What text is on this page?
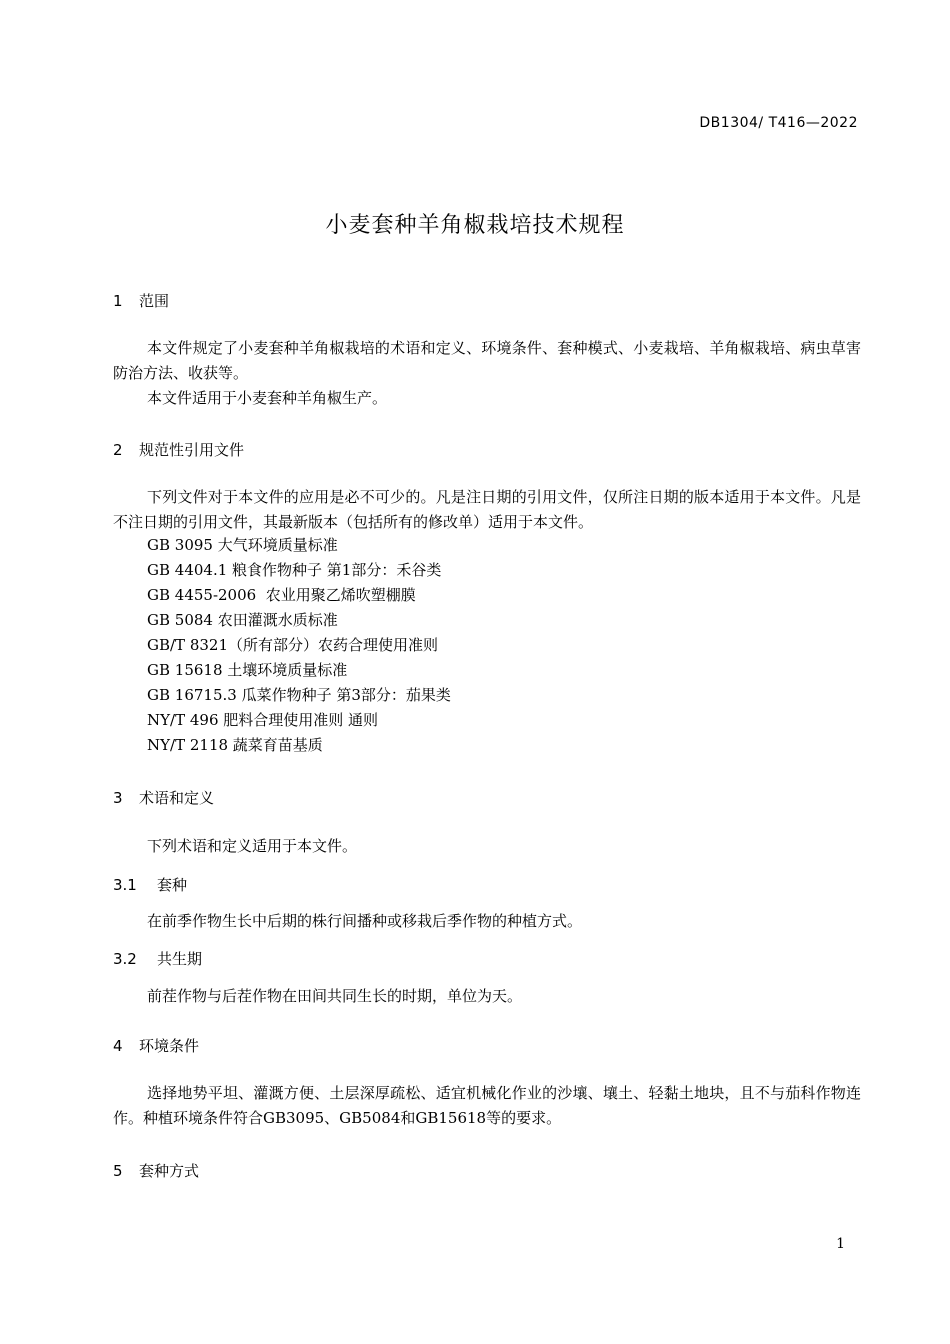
DB1304/ T416—2022
小麦套种羊角椒栽培技术规程
1 范围
本文件规定了小麦套种羊角椒栽培的术语和定义、环境条件、套种模式、小麦栽培、羊角椒栽培、病虫草害防治方法、收获等。
本文件适用于小麦套种羊角椒生产。
2 规范性引用文件
下列文件对于本文件的应用是必不可少的。凡是注日期的引用文件，仅所注日期的版本适用于本文件。凡是不注日期的引用文件，其最新版本（包括所有的修改单）适用于本文件。
GB 3095 大气环境质量标准
GB 4404.1 粮食作物种子 第1部分：禾谷类
GB 4455-2006  农业用聚乙烯吹塑棚膜
GB 5084 农田灌溉水质标准
GB/T 8321（所有部分）农药合理使用准则
GB 15618 土壤环境质量标准
GB 16715.3 瓜菜作物种子 第3部分：茄果类
NY/T 496 肥料合理使用准则 通则
NY/T 2118 蔬菜育苗基质
3 术语和定义
下列术语和定义适用于本文件。
3.1 套种
在前季作物生长中后期的株行间播种或移栽后季作物的种植方式。
3.2 共生期
前茬作物与后茬作物在田间共同生长的时期，单位为天。
4 环境条件
选择地势平坦、灌溉方便、土层深厚疏松、适宜机械化作业的沙壤、壤土、轻黏土地块，且不与茄科作物连作。种植环境条件符合GB3095、GB5084和GB15618等的要求。
5 套种方式
1
